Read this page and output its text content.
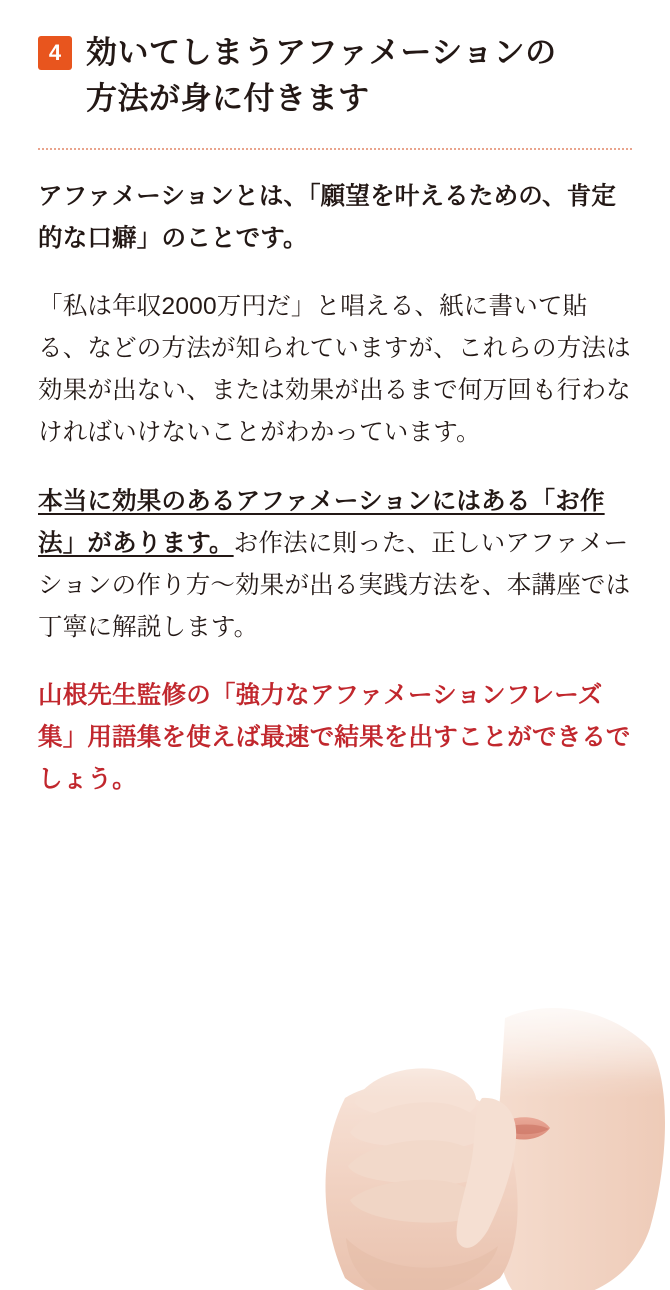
4 効いてしまうアファメーションの
方法が身に付きます

アファメーションとは、「願望を叶えるための、肯定的な口癖」のことです。

「私は年収2000万円だ」と唱える、紙に書いて貼る、などの方法が知られていますが、これらの方法は効果が出ない、または効果が出るまで何万回も行わなければいけないことがわかっています。

本当に効果のあるアファメーションにはある「お作法」があります。お作法に則った、正しいアファメーションの作り方〜効果が出る実践方法を、本講座では丁寧に解説します。

山根先生監修の「強力なアファメーションフレーズ集」用語集を使えば最速で結果を出すことができるでしょう。
